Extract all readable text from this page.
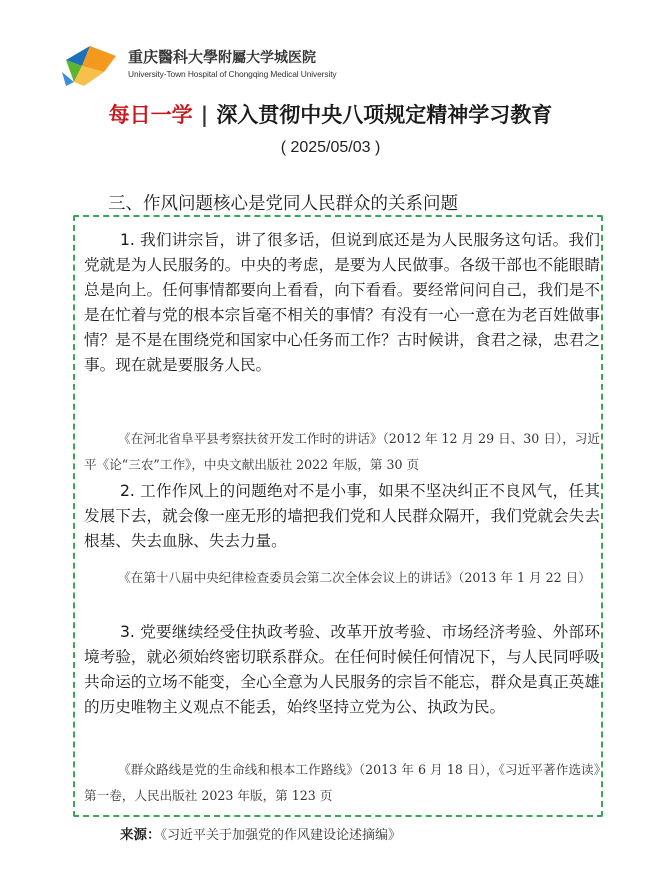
重庆醫科大學附屬大学城医院
University-Town Hospital of Chongqing Medical University
每日一学 | 深入贯彻中央八项规定精神学习教育
( 2025/05/03 )
三、作风问题核心是党同人民群众的关系问题
1. 我们讲宗旨，讲了很多话，但说到底还是为人民服务这句话。我们党就是为人民服务的。中央的考虑，是要为人民做事。各级干部也不能眼睛总是向上。任何事情都要向上看看，向下看看。要经常问问自己，我们是不是在忙着与党的根本宗旨毫不相关的事情？有没有一心一意在为老百姓做事情？是不是在围绕党和国家中心任务而工作？古时候讲，食君之禄，忠君之事。现在就是要服务人民。
《在河北省阜平县考察扶贫开发工作时的讲话》（2012 年 12 月 29 日、30 日），习近平《论“三农”工作》，中央文献出版社 2022 年版，第 30 页
2. 工作作风上的问题绝对不是小事，如果不坚决纠正不良风气，任其发展下去，就会像一座无形的墙把我们党和人民群众隔开，我们党就会失去根基、失去血脉、失去力量。
《在第十八届中央纪律检查委员会第二次全体会议上的讲话》（2013 年 1 月 22 日）
3. 党要继续经受住执政考验、改革开放考验、市场经济考验、外部环境考验，就必须始终密切联系群众。在任何时候任何情况下，与人民同呼吸共命运的立场不能变，全心全意为人民服务的宗旨不能忘，群众是真正英雄的历史唯物主义观点不能丢，始终坚持立党为公、执政为民。
《群众路线是党的生命线和根本工作路线》（2013 年 6 月 18 日），《习近平著作选读》第一卷，人民出版社 2023 年版，第 123 页
来源：《习近平关于加强党的作风建设论述摘编》
